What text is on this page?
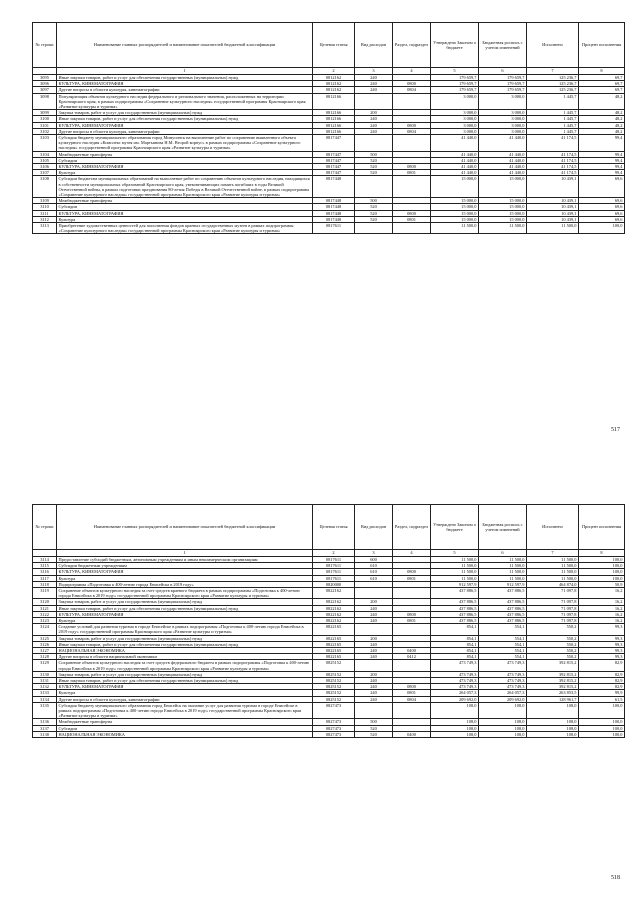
№ строки	Наименование главных распорядителей и наименование показателей бюджетной классификации	Целевая статья	Вид расходов	Раздел, подраздел	Утверждено Законом о бюджете	Бюджетная роспись с учетом изменений	Исполнено	Процент исполнения
	1	2	3	4	5	6	7	8
3095	Иные закупки товаров, работ и услуг для обеспечения государственных (муниципальных) нужд	0812162	240		179 659,7	179 659,7	125 236,7	69,7
3096	КУЛЬТУРА, КИНЕМАТОГРАФИЯ	0812162	240	0800	179 659,7	179 659,7	125 236,7	69,7
3097	Другие вопросы в области культуры, кинематографии	0812162	240	0804	179 659,7	179 659,7	125 236,7	69,7
3098	Популяризация объектов культурного наследия федерального и регионального значения, расположенных на территории Красноярского края, в рамках подпрограммы «Сохранение культурного наследия» государственной программы Красноярского края «Развитие культуры и туризма»	0812166			3 000,0	3 000,0	1 445,7	48,2
3099	Закупка товаров, работ и услуг для государственных (муниципальных) нужд	0812166	200		3 000,0	3 000,0	1 445,7	48,2
3100	Иные закупки товаров, работ и услуг для обеспечения государственных (муниципальных) нужд	0812166	240		3 000,0	3 000,0	1 445,7	48,2
3101	КУЛЬТУРА, КИНЕМАТОГРАФИЯ	0812166	240	0800	3 000,0	3 000,0	1 445,7	48,2
3102	Другие вопросы в области культуры, кинематографии	0812166	240	0804	3 000,0	3 000,0	1 445,7	48,2
3103	Субсидия бюджету муниципального образования город Минусинск на выполнение работ по сохранению выявленного объекта культурного наследия «Комплекс музея им. Мартьянова Н.М. Второй корпус» в рамках подпрограммы «Сохранение культурного наследия» государственной программы Красноярского края «Развитие культуры и туризма»	0817447			41 440,0	41 440,0	41 174,5	99,4
3104	Межбюджетные трансферты	0817447	500		41 440,0	41 440,0	41 174,5	99,4
3105	Субсидии	0817447	520		41 440,0	41 440,0	41 174,5	99,4
3106	КУЛЬТУРА, КИНЕМАТОГРАФИЯ	0817447	520	0800	41 440,0	41 440,0	41 174,5	99,4
3107	Культура	0817447	520	0801	41 440,0	41 440,0	41 174,5	99,4
3108	Субсидии бюджетам муниципальных образований на выполнение работ по сохранению объектов культурного наследия, находящихся в собственности муниципальных образований Красноярского края, увековечивающих память погибших в годы Великой Отечественной войны, в рамках подготовки празднования 80-летия Победы в Великой Отечественной войне, в рамках подпрограммы «Сохранение культурного наследия» государственной программы Красноярского края «Развитие культуры и туризма»	0817448			15 000,0	15 000,0	10 439,1	69,6
3109	Межбюджетные трансферты	0817448	500		15 000,0	15 000,0	10 439,1	69,6
3110	Субсидии	0817448	520		15 000,0	15 000,0	10 439,1	69,6
3111	КУЛЬТУРА, КИНЕМАТОГРАФИЯ	0817448	520	0800	15 000,0	15 000,0	10 439,1	69,6
3112	Культура	0817448	520	0801	15 000,0	15 000,0	10 439,1	69,6
3113	Приобретение художественных ценностей для пополнения фондов краевых государственных музеев в рамках подпрограммы «Сохранение культурного наследия» государственной программы Красноярского края «Развитие культуры и туризма»	0817611			11 500,0	11 500,0	11 500,0	100,0
517
№ строки	Наименование главных распорядителей и наименование показателей бюджетной классификации	Целевая статья	Вид расходов	Раздел, подраздел	Утверждено Законом о бюджете	Бюджетная роспись с учетом изменений	Исполнено	Процент исполнения
	1	2	3	4	5	6	7	8
3114	Предоставление субсидий бюджетным, автономным учреждениям и иным некоммерческим организациям	0817611	600		11 500,0	11 500,0	11 500,0	100,0
3115	Субсидии бюджетным учреждениям	0817611	610		11 500,0	11 500,0	11 500,0	100,0
3116	КУЛЬТУРА, КИНЕМАТОГРАФИЯ	0817611	610	0800	11 500,0	11 500,0	11 500,0	100,0
3117	Культура	0817611	610	0801	11 500,0	11 500,0	11 500,0	100,0
3118	Подпрограмма «Подготовка к 400-летию города Енисейска в 2019 году»	0820000			912 597,9	912 597,9	464 874,0	50,9
3119	Сохранение объектов культурного наследия за счет средств краевого бюджета в рамках подпрограммы «Подготовка к 400-летию города Енисейска в 2019 году» государственной программы Красноярского края «Развитие культуры и туризма»	0822162			437 886,5	437 886,5	71 097,8	16,2
3120	Закупка товаров, работ и услуг для государственных (муниципальных) нужд	0822162	200		437 886,5	437 886,5	71 097,8	16,2
3121	Иные закупки товаров, работ и услуг для обеспечения государственных (муниципальных) нужд	0822162	240		437 886,5	437 886,5	71 097,8	16,2
3122	КУЛЬТУРА, КИНЕМАТОГРАФИЯ	0822162	240	0800	437 886,5	437 886,5	71 097,8	16,2
3123	Культура	0822162	240	0801	437 886,5	437 886,5	71 097,8	16,2
3124	Создание условий для развития туризма в городе Енисейске в рамках подпрограммы «Подготовка к 400-летию города Енисейска в 2019 году» государственной программы Красноярского края «Развитие культуры и туризма»	0822165			854,1	554,1	550,2	99,3
3125	Закупка товаров, работ и услуг для государственных (муниципальных) нужд	0822165	200		854,1	554,1	550,2	99,3
3126	Иные закупки товаров, работ и услуг для обеспечения государственных (муниципальных) нужд	0822165	240		854,1	554,1	550,2	99,3
3127	НАЦИОНАЛЬНАЯ ЭКОНОМИКА	0822165	240	0400	854,1	554,1	550,2	99,3
3128	Другие вопросы в области национальной экономики	0822165	240	0412	854,1	554,1	550,2	99,3
3129	Сохранение объектов культурного наследия за счет средств федерального бюджета в рамках подпрограммы «Подготовка к 400-летию города Енисейска в 2019 году» государственной программы Красноярского края «Развитие культуры и туризма»	0825152			473 749,3	473 749,3	392 815,2	82,9
3130	Закупка товаров, работ и услуг для государственных (муниципальных) нужд	0825152	200		473 749,3	473 749,3	392 815,2	82,9
3131	Иные закупки товаров, работ и услуг для обеспечения государственных (муниципальных) нужд	0825152	240		473 749,3	473 749,3	392 815,2	82,9
3132	КУЛЬТУРА, КИНЕМАТОГРАФИЯ	0825152	240	0800	473 749,3	473 749,3	392 815,2	82,9
3133	Культура	0825152	240	0801	264 057,3	264 057,3	263 853,5	99,9
3134	Другие вопросы в области культуры, кинематографии	0825152	240	0804	209 692,0	209 692,0	128 961,7	61,5
3135	Субсидия бюджету муниципального образования город Енисейск на оказание услуг для развития туризма в городе Енисейске в рамках подпрограммы «Подготовка к 400-летию города Енисейска в 2019 году» государственной программы Красноярского края «Развитие культуры и туризма»	0827473			108,0	108,0	108,0	100,0
3136	Межбюджетные трансферты	0827473	500		108,0	108,0	108,0	100,0
3137	Субсидии	0827473	520		108,0	108,0	108,0	100,0
3138	НАЦИОНАЛЬНАЯ ЭКОНОМИКА	0827473	520	0400	108,0	108,0	108,0	100,0
518
